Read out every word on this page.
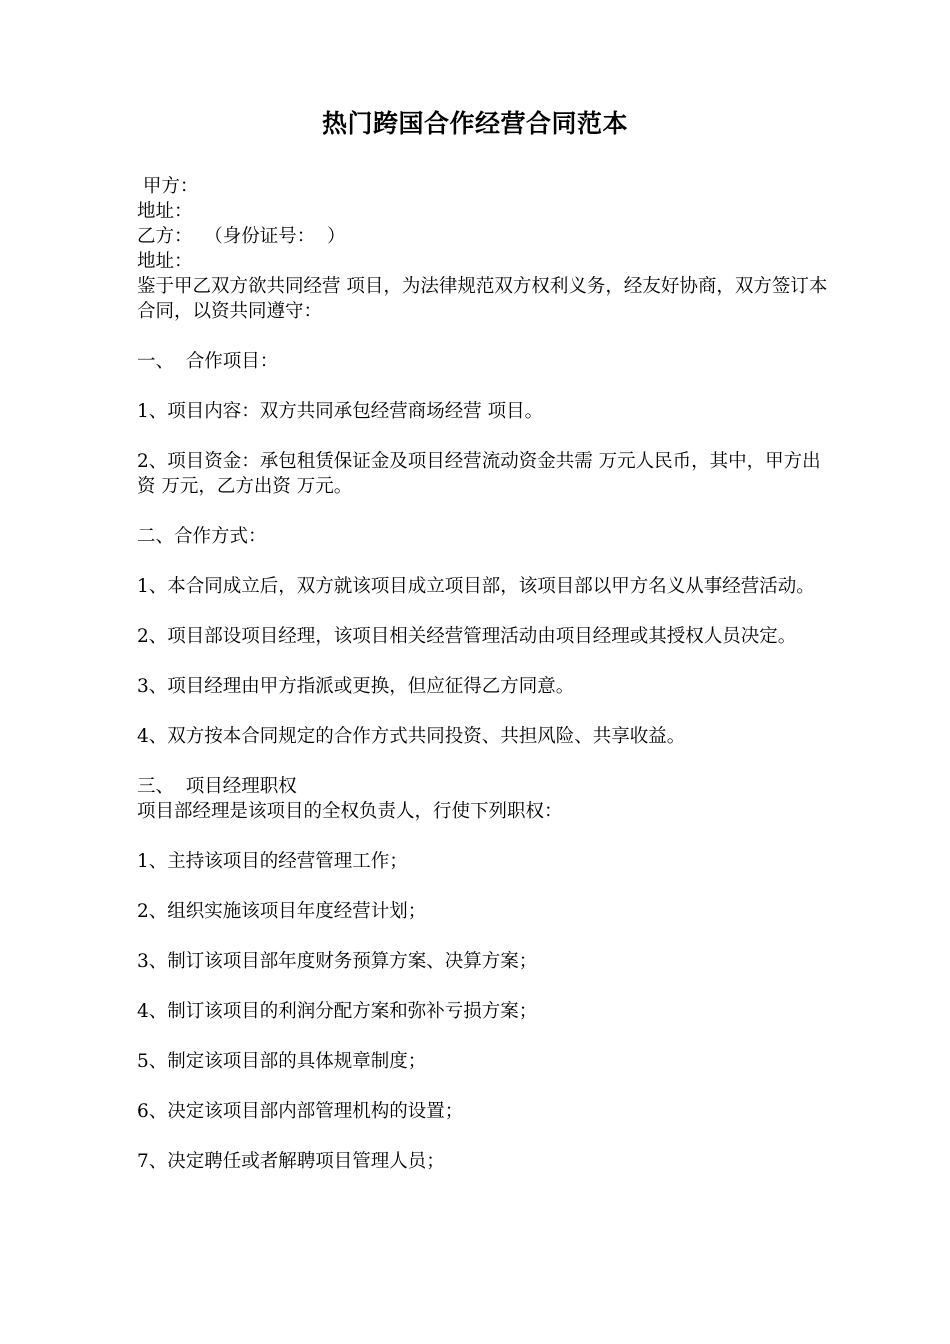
热门跨国合作经营合同范本
甲方：
地址：
乙方：  （身份证号：  ）
地址：
鉴于甲乙双方欲共同经营 项目，为法律规范双方权利义务，经友好协商，双方签订本合同，以资共同遵守：
一、  合作项目：
1、项目内容：双方共同承包经营商场经营 项目。
2、项目资金：承包租赁保证金及项目经营流动资金共需 万元人民币，其中，甲方出资 万元，乙方出资 万元。
二、合作方式：
1、本合同成立后，双方就该项目成立项目部，该项目部以甲方名义从事经营活动。
2、项目部设项目经理，该项目相关经营管理活动由项目经理或其授权人员决定。
3、项目经理由甲方指派或更换，但应征得乙方同意。
4、双方按本合同规定的合作方式共同投资、共担风险、共享收益。
三、  项目经理职权
项目部经理是该项目的全权负责人，行使下列职权：
1、主持该项目的经营管理工作；
2、组织实施该项目年度经营计划；
3、制订该项目部年度财务预算方案、决算方案；
4、制订该项目的利润分配方案和弥补亏损方案；
5、制定该项目部的具体规章制度；
6、决定该项目部内部管理机构的设置；
7、决定聘任或者解聘项目管理人员；
